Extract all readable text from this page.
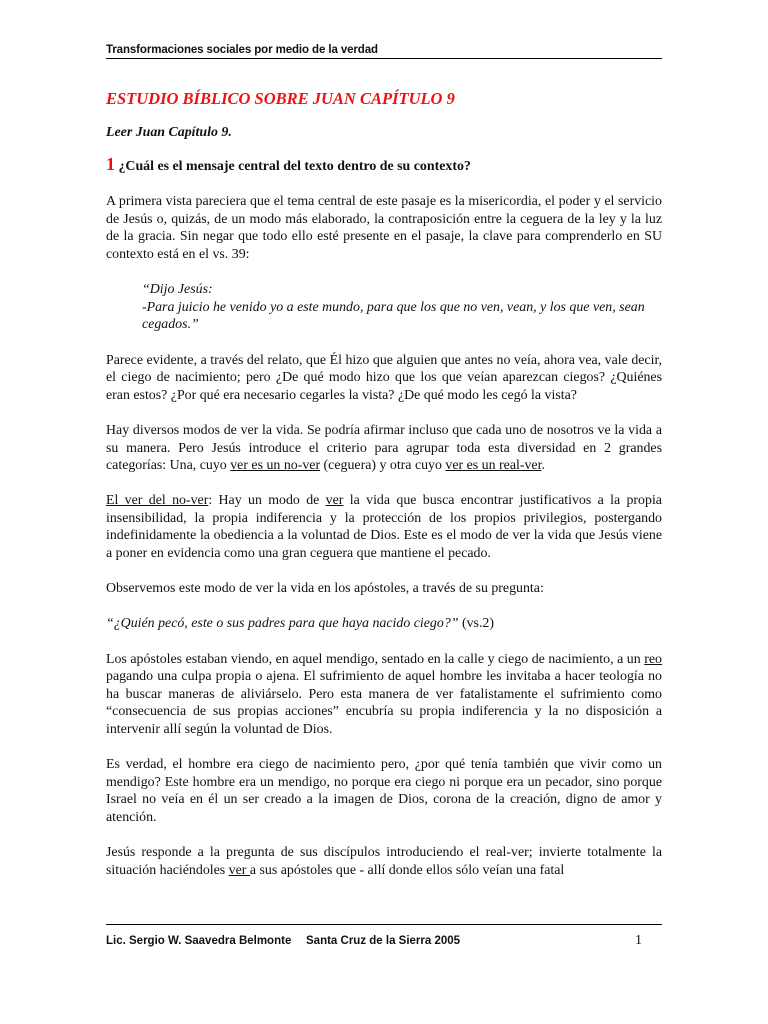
Transformaciones sociales por medio de la verdad

ESTUDIO BÍBLICO SOBRE JUAN CAPÍTULO 9

Leer Juan Capítulo 9.

1 ¿Cuál es el mensaje central del texto dentro de su contexto?

A primera vista pareciera que el tema central de este pasaje es la misericordia, el poder y el servicio de Jesús o, quizás, de un modo más elaborado, la contraposición entre la ceguera de la ley y la luz de la gracia. Sin negar que todo ello esté presente en el pasaje, la clave para comprenderlo en SU contexto está en el vs. 39:

“Dijo Jesús:
-Para juicio he venido yo a este mundo, para que los que no ven, vean, y los que ven, sean cegados.”

Parece evidente, a través del relato, que Él hizo que alguien que antes no veía, ahora vea, vale decir, el ciego de nacimiento; pero ¿De qué modo hizo que los que veían aparezcan ciegos? ¿Quiénes eran estos? ¿Por qué era necesario cegarles la vista? ¿De qué modo les cegó la vista?

Hay diversos modos de ver la vida. Se podría afirmar incluso que cada uno de nosotros ve la vida a su manera. Pero Jesús introduce el criterio para agrupar toda esta diversidad en 2 grandes categorías: Una, cuyo ver es un no-ver (ceguera) y otra cuyo ver es un real-ver.

El ver del no-ver: Hay un modo de ver la vida que busca encontrar justificativos a la propia insensibilidad, la propia indiferencia y la protección de los propios privilegios, postergando indefinidamente la obediencia a la voluntad de Dios. Este es el modo de ver la vida que Jesús viene a poner en evidencia como una gran ceguera que mantiene el pecado.

Observemos este modo de ver la vida en los apóstoles, a través de su pregunta:

“¿Quién pecó, este o sus padres para que haya nacido ciego?” (vs.2)

Los apóstoles estaban viendo, en aquel mendigo, sentado en la calle y ciego de nacimiento, a un reo pagando una culpa propia o ajena. El sufrimiento de aquel hombre les invitaba a hacer teología no ha buscar maneras de aliviárselo. Pero esta manera de ver fatalistamente el sufrimiento como “consecuencia de sus propias acciones” encubría su propia indiferencia y la no disposición a intervenir allí según la voluntad de Dios.

Es verdad, el hombre era ciego de nacimiento pero, ¿por qué tenía también que vivir como un mendigo? Este hombre era un mendigo, no porque era ciego ni porque era un pecador, sino porque Israel no veía en él un ser creado a la imagen de Dios, corona de la creación, digno de amor y atención.

Jesús responde a la pregunta de sus discípulos introduciendo el real-ver; invierte totalmente la situación haciéndoles ver a sus apóstoles que - allí donde ellos sólo veían una fatal

Lic. Sergio W. Saavedra Belmonte Santa Cruz de la Sierra 2005	1
